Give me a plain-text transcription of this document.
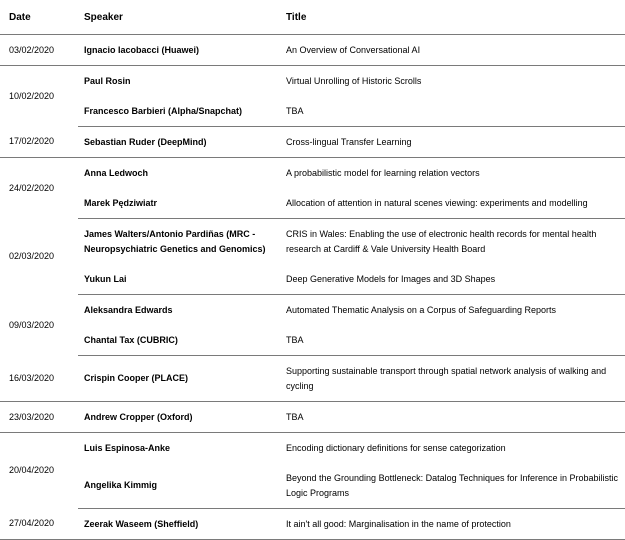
Date	Speaker	Title
03/02/2020	Ignacio Iacobacci (Huawei)	An Overview of Conversational AI
10/02/2020	Paul Rosin	Virtual Unrolling of Historic Scrolls
	Francesco Barbieri (Alpha/Snapchat)	TBA
17/02/2020	Sebastian Ruder (DeepMind)	Cross-lingual Transfer Learning
24/02/2020	Anna Ledwoch	A probabilistic model for learning relation vectors
	Marek Pędziwiatr	Allocation of attention in natural scenes viewing: experiments and modelling
02/03/2020	James Walters/Antonio Pardiñas (MRC - Neuropsychiatric Genetics and Genomics)	CRIS in Wales: Enabling the use of electronic health records for mental health research at Cardiff & Vale University Health Board
	Yukun Lai	Deep Generative Models for Images and 3D Shapes
09/03/2020	Aleksandra Edwards	Automated Thematic Analysis on a Corpus of Safeguarding Reports
	Chantal Tax (CUBRIC)	TBA
16/03/2020	Crispin Cooper (PLACE)	Supporting sustainable transport through spatial network analysis of walking and cycling
23/03/2020	Andrew Cropper (Oxford)	TBA
20/04/2020	Luis Espinosa-Anke	Encoding dictionary definitions for sense categorization
	Angelika Kimmig	Beyond the Grounding Bottleneck: Datalog Techniques for Inference in Probabilistic Logic Programs
27/04/2020	Zeerak Waseem (Sheffield)	It ain't all good: Marginalisation in the name of protection
